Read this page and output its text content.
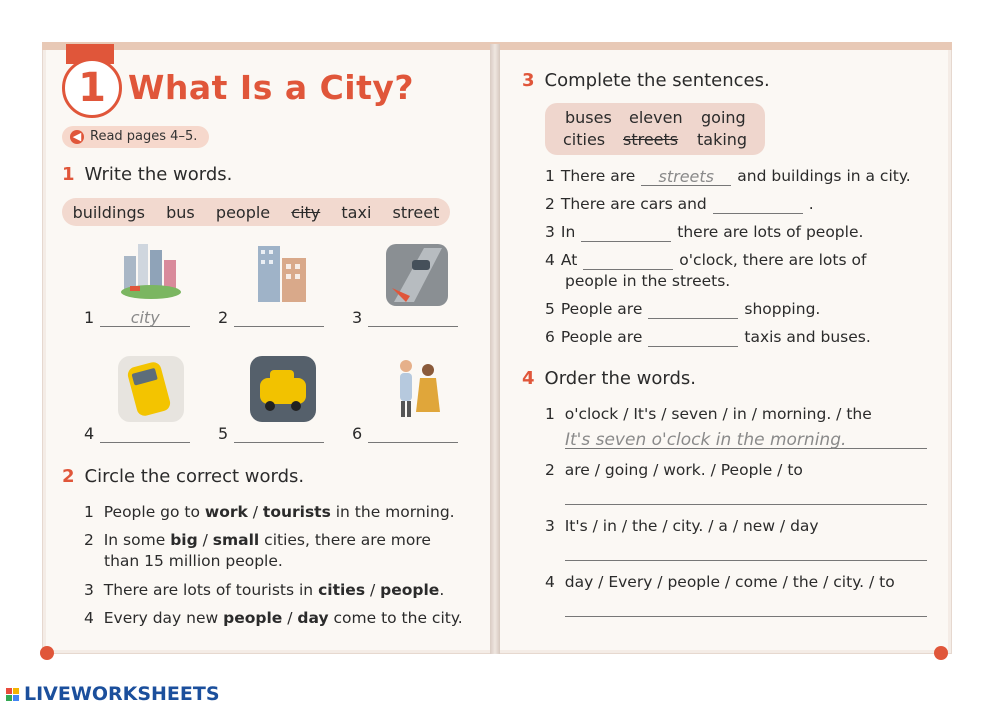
1 What Is a City?
◀ Read pages 4–5.
1 Write the words.
buildings bus people city taxi street
1	city	2	3
4	5	6
2 Circle the correct words.
1 People go to work / tourists in the morning.
2 In some big / small cities, there are more
than 15 million people.
3 There are lots of tourists in cities / people.
4 Every day new people / day come to the city.
3 Complete the sentences.
buses eleven going
cities streets taking
1 There are	streets	and buildings in a city.
2 There are cars and	.
3 In	there are lots of people.
4 At	o'clock, there are lots of
people in the streets.
5 People are	shopping.
6 People are	taxis and buses.
4 Order the words.
1 o'clock / It's / seven / in / morning. / the
It's seven o'clock in the morning.
2 are / going / work. / People / to
3 It's / in / the / city. / a / new / day
4 day / Every / people / come / the / city. / to
LIVEWORKSHEETS
